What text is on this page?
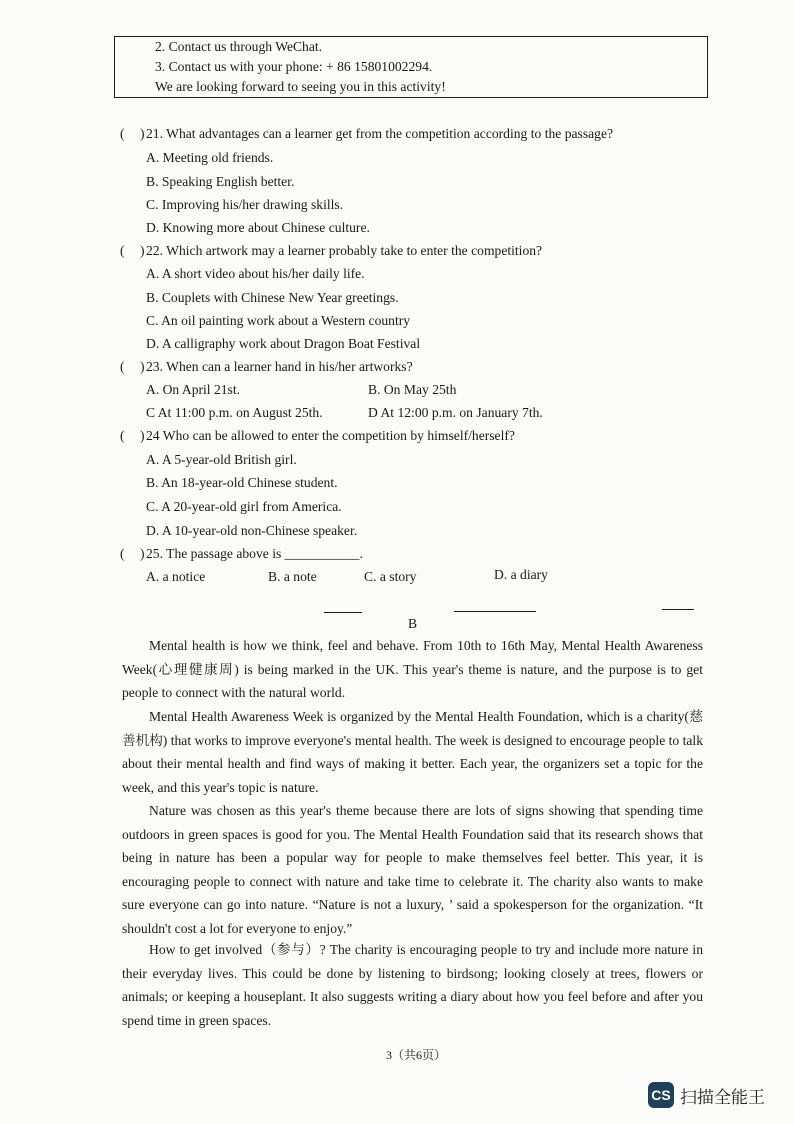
2. Contact us through WeChat.
3. Contact us with your phone: + 86 15801002294.
We are looking forward to seeing you in this activity!
( ) 21. What advantages can a learner get from the competition according to the passage?
A. Meeting old friends.
B. Speaking English better.
C. Improving his/her drawing skills.
D. Knowing more about Chinese culture.
( ) 22. Which artwork may a learner probably take to enter the competition?
A. A short video about his/her daily life.
B. Couplets with Chinese New Year greetings.
C. An oil painting work about a Western country
D. A calligraphy work about Dragon Boat Festival
( ) 23. When can a learner hand in his/her artworks?
A. On April 21st.	B. On May 25th
C At 11:00 p.m. on August 25th.	D At 12:00 p.m. on January 7th.
( ) 24 Who can be allowed to enter the competition by himself/herself?
A. A 5-year-old British girl.
B. An 18-year-old Chinese student.
C. A 20-year-old girl from America.
D. A 10-year-old non-Chinese speaker.
( ) 25. The passage above is ___________.
A. a notice	B. a note	C. a story	D. a diary
B

Mental health is how we think, feel and behave. From 10th to 16th May, Mental Health Awareness Week(心理健康周) is being marked in the UK. This year's theme is nature, and the purpose is to get people to connect with the natural world.

Mental Health Awareness Week is organized by the Mental Health Foundation, which is a charity(慈善机构) that works to improve everyone's mental health. The week is designed to encourage people to talk about their mental health and find ways of making it better. Each year, the organizers set a topic for the week, and this year's topic is nature.

Nature was chosen as this year's theme because there are lots of signs showing that spending time outdoors in green spaces is good for you. The Mental Health Foundation said that its research shows that being in nature has been a popular way for people to make themselves feel better. This year, it is encouraging people to connect with nature and take time to celebrate it. The charity also wants to make sure everyone can go into nature. “Nature is not a luxury, ’ said a spokesperson for the organization. “It shouldn't cost a lot for everyone to enjoy.”

How to get involved（参与）? The charity is encouraging people to try and include more nature in their everyday lives. This could be done by listening to birdsong; looking closely at trees, flowers or animals; or keeping a houseplant. It also suggests writing a diary about how you feel before and after you spend time in green spaces.

3（共6页）
CS 扫描全能王
